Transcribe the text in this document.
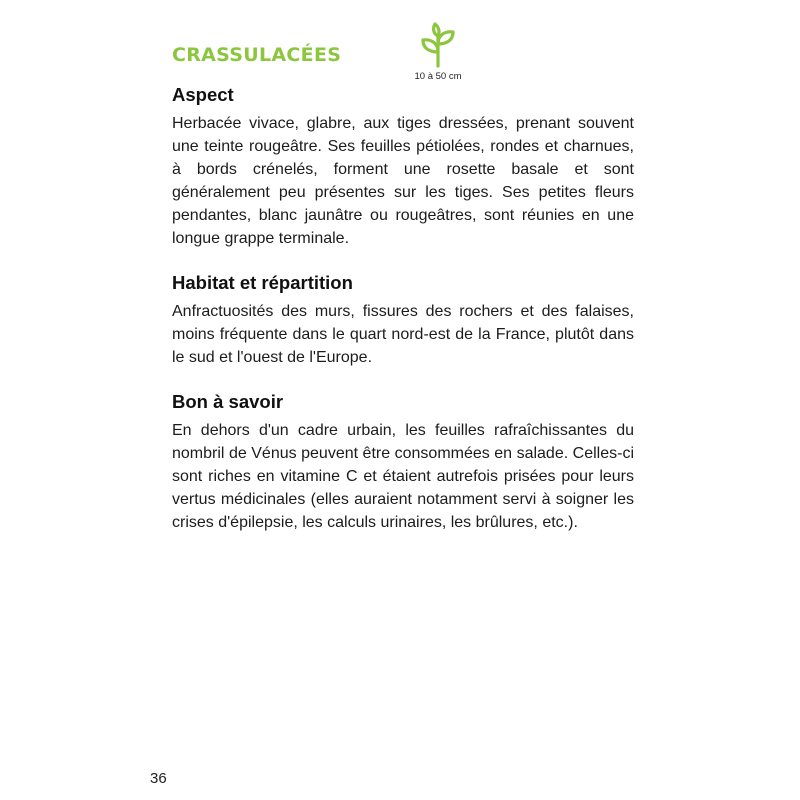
CRASSULACÉES
10 à 50 cm
Aspect

Herbacée vivace, glabre, aux tiges dressées, prenant souvent une teinte rougeâtre. Ses feuilles pétiolées, rondes et charnues, à bords crénelés, forment une rosette basale et sont généralement peu présentes sur les tiges. Ses petites fleurs pendantes, blanc jaunâtre ou rougeâtres, sont réunies en une longue grappe terminale.

Habitat et répartition

Anfractuosités des murs, fissures des rochers et des falaises, moins fréquente dans le quart nord-est de la France, plutôt dans le sud et l'ouest de l'Europe.

Bon à savoir

En dehors d'un cadre urbain, les feuilles rafraîchissantes du nombril de Vénus peuvent être consommées en salade. Celles-ci sont riches en vitamine C et étaient autrefois prisées pour leurs vertus médicinales (elles auraient notamment servi à soigner les crises d'épilepsie, les calculs urinaires, les brûlures, etc.).

36
